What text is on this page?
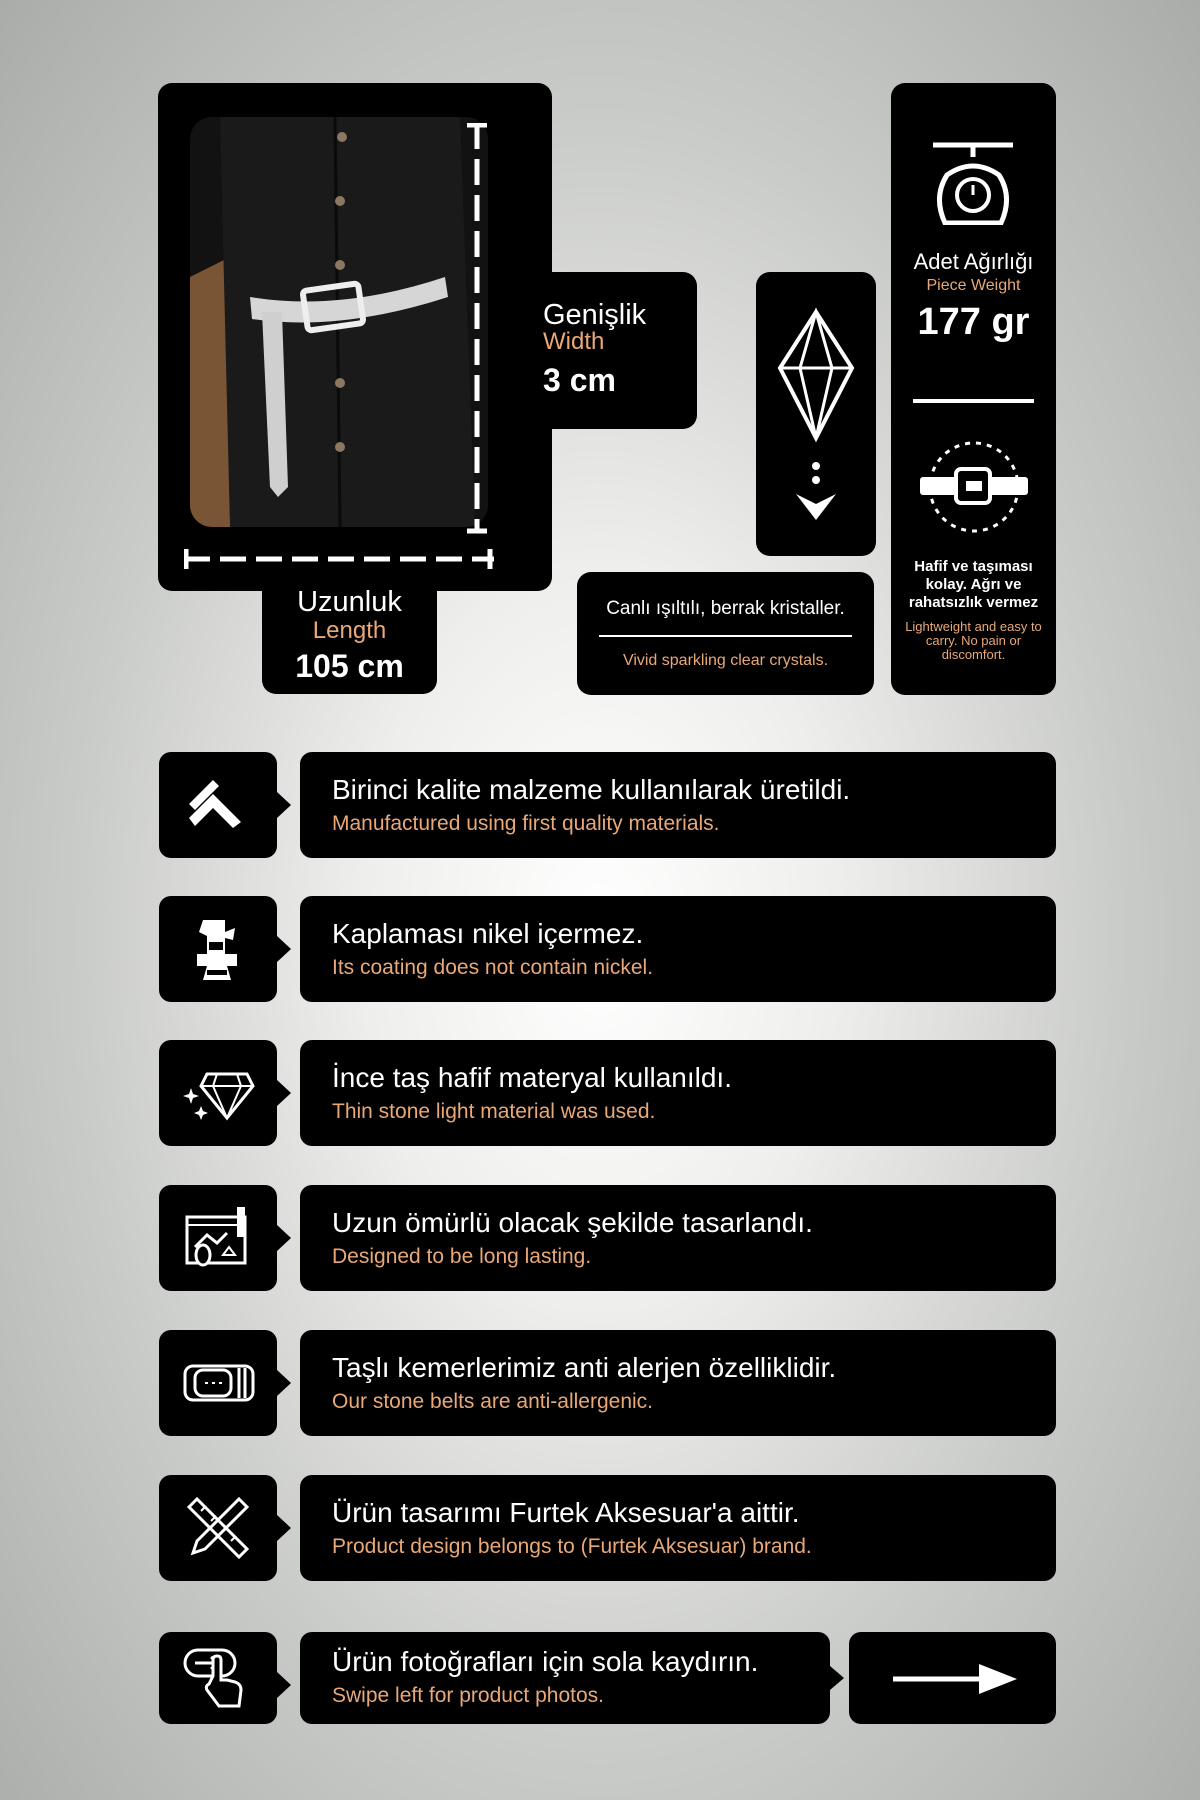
Genişlik
Width
3 cm
Uzunluk
Length
105 cm
Canlı ışıltılı, berrak kristaller.
Vivid sparkling clear crystals.
Adet Ağırlığı
Piece Weight
177 gr
Hafif ve taşıması kolay. Ağrı ve rahatsızlık vermez
Lightweight and easy to carry. No pain or discomfort.
Birinci kalite malzeme kullanılarak üretildi.
Manufactured using first quality materials.
Kaplaması nikel içermez.
Its coating does not contain nickel.
İnce taş hafif materyal kullanıldı.
Thin stone light material was used.
Uzun ömürlü olacak şekilde tasarlandı.
Designed to be long lasting.
Taşlı kemerlerimiz anti alerjen özelliklidir.
Our stone belts are anti-allergenic.
Ürün tasarımı Furtek Aksesuar'a aittir.
Product design belongs to (Furtek Aksesuar) brand.
Ürün fotoğrafları için sola kaydırın.
Swipe left for product photos.
